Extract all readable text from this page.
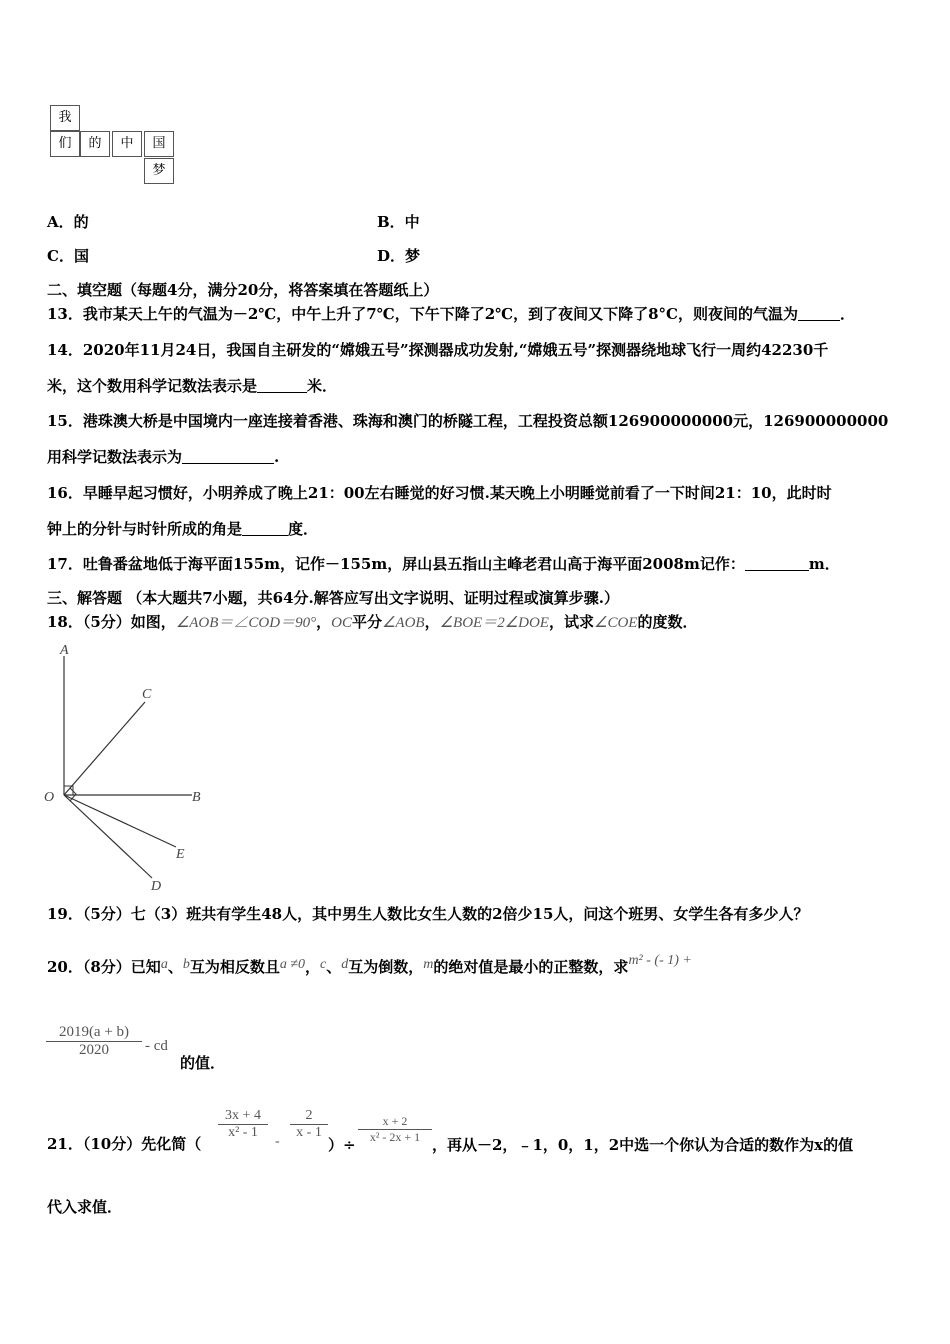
我
们	的	中	国
梦
A．的	B．中
C．国	D．梦
二、填空题（每题4分，满分20分，将答案填在答题纸上）
13．我市某天上午的气温为－2℃，中午上升了7℃，下午下降了2℃，到了夜间又下降了8°C，则夜间的气温为	．
14．2020年11月24日，我国自主研发的“嫦娥五号”探测器成功发射,“嫦娥五号”探测器绕地球飞行一周约42230千
米，这个数用科学记数法表示是	米．
15．港珠澳大桥是中国境内一座连接着香港、珠海和澳门的桥隧工程，工程投资总额126900000000元，126900000000
用科学记数法表示为	.
16．早睡早起习惯好，小明养成了晚上21：00左右睡觉的好习惯.某天晚上小明睡觉前看了一下时间21：10，此时时
钟上的分针与时针所成的角是	度．
17．吐鲁番盆地低于海平面155m，记作－155m，屏山县五指山主峰老君山高于海平面2008m记作：	m．
三、解答题 （本大题共7小题，共64分.解答应写出文字说明、证明过程或演算步骤.）
18．（5分）如图，∠AOB＝∠COD＝90°，OC平分∠AOB，∠BOE＝2∠DOE，试求∠COE的度数．
A
C
O	B
E
D
19．（5分）七（3）班共有学生48人，其中男生人数比女生人数的2倍少15人，问这个班男、女学生各有多少人？
20．（8分）已知a、b互为相反数且a ≠0，c、d互为倒数，m的绝对值是最小的正整数，求m² - (- 1) +
2019(a + b)
2020	- cd
的值．
21．（10分）先化简（
3x + 4
x² - 1
-
2
x - 1
）÷
x + 2
x² - 2x + 1 ，再从－2，﹣1，0，1，2中选一个你认为合适的数作为x的值
代入求值．
